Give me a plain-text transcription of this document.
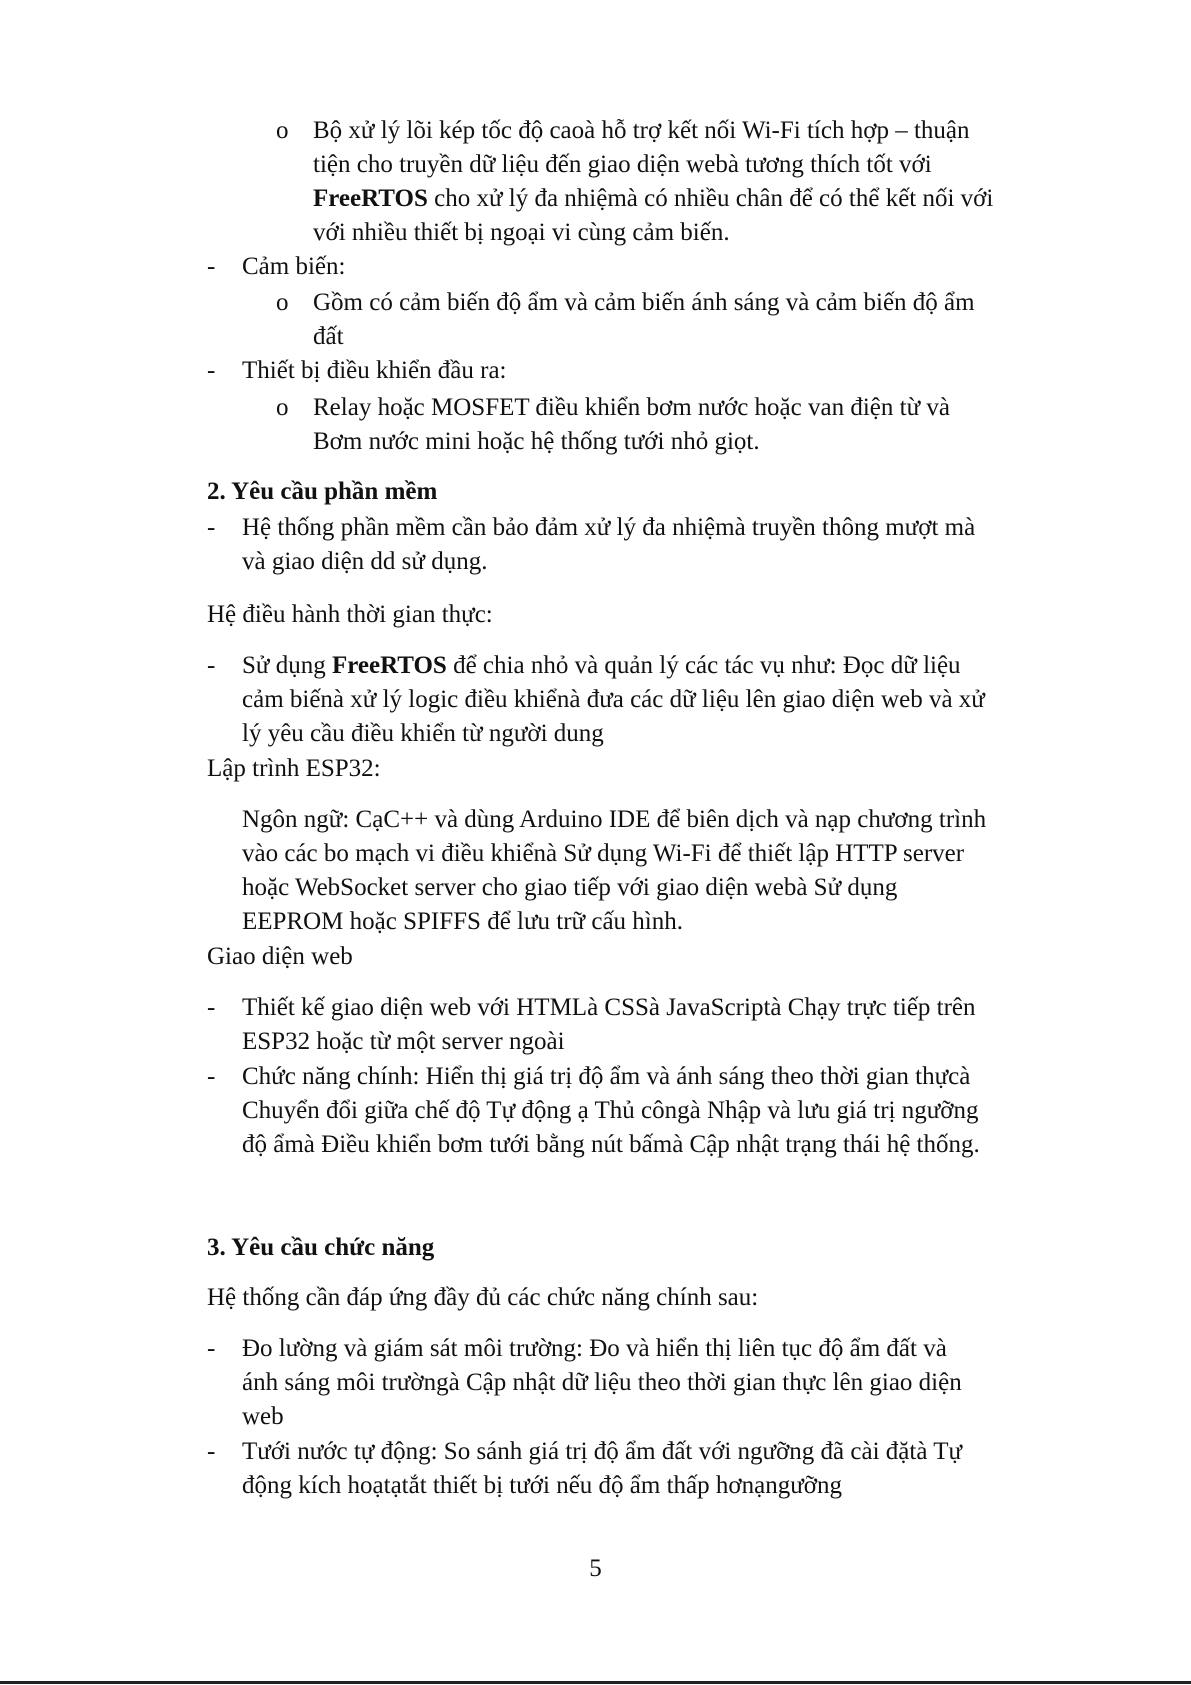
o Bộ xử lý lõi kép tốc độ caoà hỗ trợ kết nối Wi-Fi tích hợp – thuận

tiện cho truyền dữ liệu đến giao diện webà tương thích tốt với

FreeRTOS cho xử lý đa nhiệmà có nhiều chân để có thể kết nối với

với nhiều thiết bị ngoại vi cùng cảm biến.

- Cảm biến:

o Gồm có cảm biến độ ẩm và cảm biến ánh sáng và cảm biến độ ẩm

đất

- Thiết bị điều khiển đầu ra:

o Relay hoặc MOSFET điều khiển bơm nước hoặc van điện từ và

Bơm nước mini hoặc hệ thống tưới nhỏ giọt.

2. Yêu cầu phần mềm

- Hệ thống phần mềm cần bảo đảm xử lý đa nhiệmà truyền thông mượt mà

và giao diện dd sử dụng.

Hệ điều hành thời gian thực:

- Sử dụng FreeRTOS để chia nhỏ và quản lý các tác vụ như: Đọc dữ liệu

cảm biếnà xử lý logic điều khiểnà đưa các dữ liệu lên giao diện web và xử

lý yêu cầu điều khiển từ người dung

Lập trình ESP32:

Ngôn ngữ: CạC++ và dùng Arduino IDE để biên dịch và nạp chương trình

vào các bo mạch vi điều khiểnà Sử dụng Wi-Fi để thiết lập HTTP server

hoặc WebSocket server cho giao tiếp với giao diện webà Sử dụng

EEPROM hoặc SPIFFS để lưu trữ cấu hình.

Giao diện web

- Thiết kế giao diện web với HTMLà CSSà JavaScriptà Chạy trực tiếp trên

ESP32 hoặc từ một server ngoài

- Chức năng chính: Hiển thị giá trị độ ẩm và ánh sáng theo thời gian thựcà

Chuyển đổi giữa chế độ Tự động ạ Thủ côngà Nhập và lưu giá trị ngưỡng

độ ẩmà Điều khiển bơm tưới bằng nút bấmà Cập nhật trạng thái hệ thống.

3. Yêu cầu chức năng

Hệ thống cần đáp ứng đầy đủ các chức năng chính sau:

- Đo lường và giám sát môi trường: Đo và hiển thị liên tục độ ẩm đất và

ánh sáng môi trườngà Cập nhật dữ liệu theo thời gian thực lên giao diện

web

- Tưới nước tự động: So sánh giá trị độ ẩm đất với ngưỡng đã cài đặtà Tự

động kích hoạtạtắt thiết bị tưới nếu độ ẩm thấp hơnạngưỡng

5
